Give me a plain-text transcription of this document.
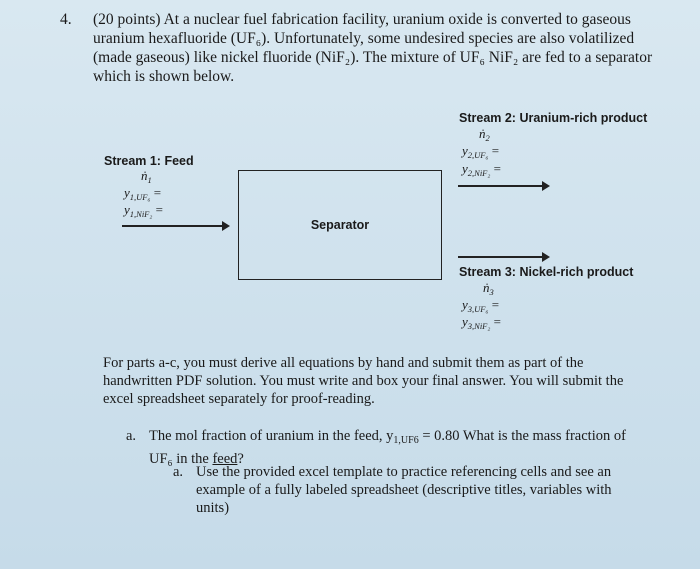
4. (20 points) At a nuclear fuel fabrication facility, uranium oxide is converted to gaseous uranium hexafluoride (UF₆). Unfortunately, some undesired species are also volatilized (made gaseous) like nickel fluoride (NiF₂). The mixture of UF₆ NiF₂ are fed to a separator which is shown below.
Stream 1: Feed
ṅ$_1$
$y_{1,UF_6}$ =
$y_{1,NiF_2}$ =
Separator
Stream 2: Uranium-rich product
ṅ$_2$
$y_{2,UF_6}$ =
$y_{2,NiF_2}$ =
Stream 3: Nickel-rich product
ṅ$_3$
$y_{3,UF_6}$ =
$y_{3,NiF_2}$ =
For parts a-c, you must derive all equations by hand and submit them as part of the handwritten PDF solution. You must write and box your final answer. You will submit the excel spreadsheet separately for proof-reading.
a. The mol fraction of uranium in the feed, $y_{1,UF6} = 0.80$ What is the mass fraction of UF₆ in the feed?
a. Use the provided excel template to practice referencing cells and see an example of a fully labeled spreadsheet (descriptive titles, variables with units)
